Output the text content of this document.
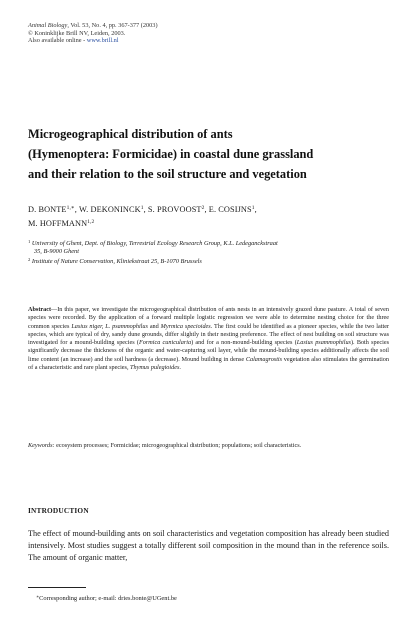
Animal Biology, Vol. 53, No. 4, pp. 367-377 (2003)
© Koninklijke Brill NV, Leiden, 2003.
Also available online - www.brill.nl
Microgeographical distribution of ants
(Hymenoptera: Formicidae) in coastal dune grassland
and their relation to the soil structure and vegetation
D. $BONTE^{1,∗}$, W. DEKONINCK$^1$, S. PROVOOST$^2$, E. COSIJNS$^1$,
M. HOFFMANN$^{1,2}$
$^1$ University of Ghent, Dept. of Biology, Terrestrial Ecology Research Group, K.L. Ledeganckstraat
35, B-9000 Ghent
$^2$ Institute of Nature Conservation, Kliniekstraat 25, B-1070 Brussels
Abstract—In this paper, we investigate the microgeographical distribution of ants nests in an intensively grazed dune pasture. A total of seven species were recorded. By the application of a forward multiple logistic regression we were able to determine nesting choice for the three common species Lasius niger, L. psammophilus and Myrmica specioides. The first could be identified as a pioneer species, while the two latter species, which are typical of dry, sandy dune grounds, differ slightly in their nesting preference. The effect of nest building on soil structure was investigated for a mound-building species (Formica cunicularia) and for a non-mound-building species (Lasius psammophilus). Both species significantly decrease the thickness of the organic and water-capturing soil layer, while the mound-building species additionally affects the soil lime content (an increase) and the soil hardness (a decrease). Mound building in dense Calamagrostis vegetation also stimulates the germination of a characteristic and rare plant species, Thymus pulegioides.
Keywords: ecosystem processes; Formicidae; microgeographical distribution; populations; soil characteristics.
INTRODUCTION
The effect of mound-building ants on soil characteristics and vegetation composition has already been studied intensively. Most studies suggest a totally different soil composition in the mound than in the reference soils. The amount of organic matter,
∗Corresponding author; e-mail: dries.bonte@UGent.be
